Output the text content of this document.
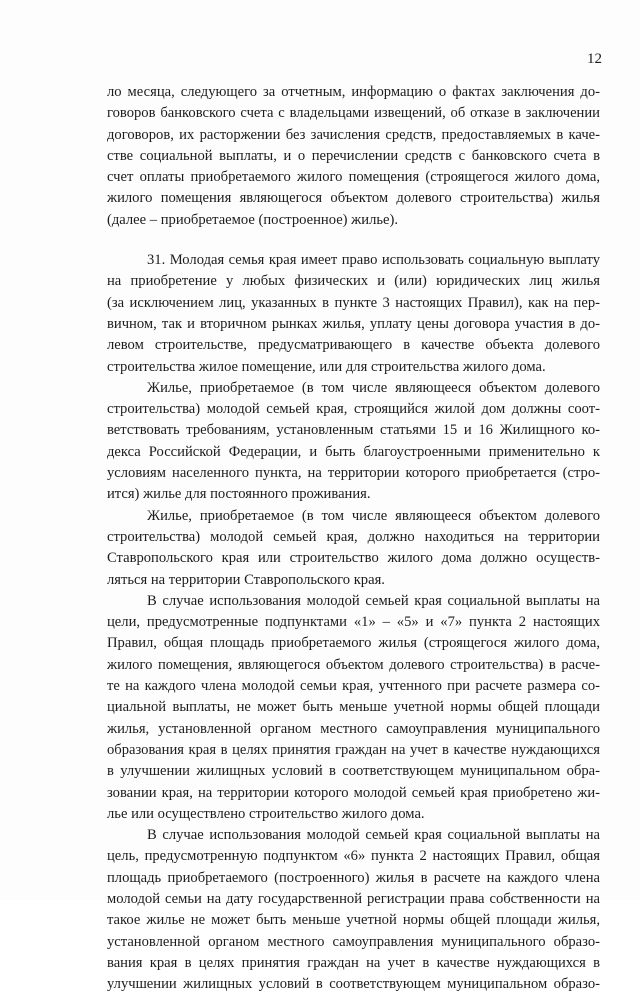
12
ло месяца, следующего за отчетным, информацию о фактах заключения до-
говоров банковского счета с владельцами извещений, об отказе в заключении
договоров, их расторжении без зачисления средств, предоставляемых в каче-
стве социальной выплаты, и о перечислении средств с банковского счета в
счет оплаты приобретаемого жилого помещения (строящегося жилого дома,
жилого помещения являющегося объектом долевого строительства) жилья
(далее – приобретаемое (построенное) жилье).
31. Молодая семья края имеет право использовать социальную выплату
на приобретение у любых физических и (или) юридических лиц жилья
(за исключением лиц, указанных в пункте 3 настоящих Правил), как на пер-
вичном, так и вторичном рынках жилья, уплату цены договора участия в до-
левом строительстве, предусматривающего в качестве объекта долевого
строительства жилое помещение, или для строительства жилого дома.
Жилье, приобретаемое (в том числе являющееся объектом долевого
строительства) молодой семьей края, строящийся жилой дом должны соот-
ветствовать требованиям, установленным статьями 15 и 16 Жилищного ко-
декса Российской Федерации, и быть благоустроенными применительно к
условиям населенного пункта, на территории которого приобретается (стро-
ится) жилье для постоянного проживания.
Жилье, приобретаемое (в том числе являющееся объектом долевого
строительства) молодой семьей края, должно находиться на территории
Ставропольского края или строительство жилого дома должно осуществ-
ляться на территории Ставропольского края.
В случае использования молодой семьей края социальной выплаты на
цели, предусмотренные подпунктами «1» – «5» и «7» пункта 2 настоящих
Правил, общая площадь приобретаемого жилья (строящегося жилого дома,
жилого помещения, являющегося объектом долевого строительства) в расче-
те на каждого члена молодой семьи края, учтенного при расчете размера со-
циальной выплаты, не может быть меньше учетной нормы общей площади
жилья, установленной органом местного самоуправления муниципального
образования края в целях принятия граждан на учет в качестве нуждающихся
в улучшении жилищных условий в соответствующем муниципальном обра-
зовании края, на территории которого молодой семьей края приобретено жи-
лье или осуществлено строительство жилого дома.
В случае использования молодой семьей края социальной выплаты на
цель, предусмотренную подпунктом «6» пункта 2 настоящих Правил, общая
площадь приобретаемого (построенного) жилья в расчете на каждого члена
молодой семьи на дату государственной регистрации права собственности на
такое жилье не может быть меньше учетной нормы общей площади жилья,
установленной органом местного самоуправления муниципального образо-
вания края в целях принятия граждан на учет в качестве нуждающихся в
улучшении жилищных условий в соответствующем муниципальном образо-
